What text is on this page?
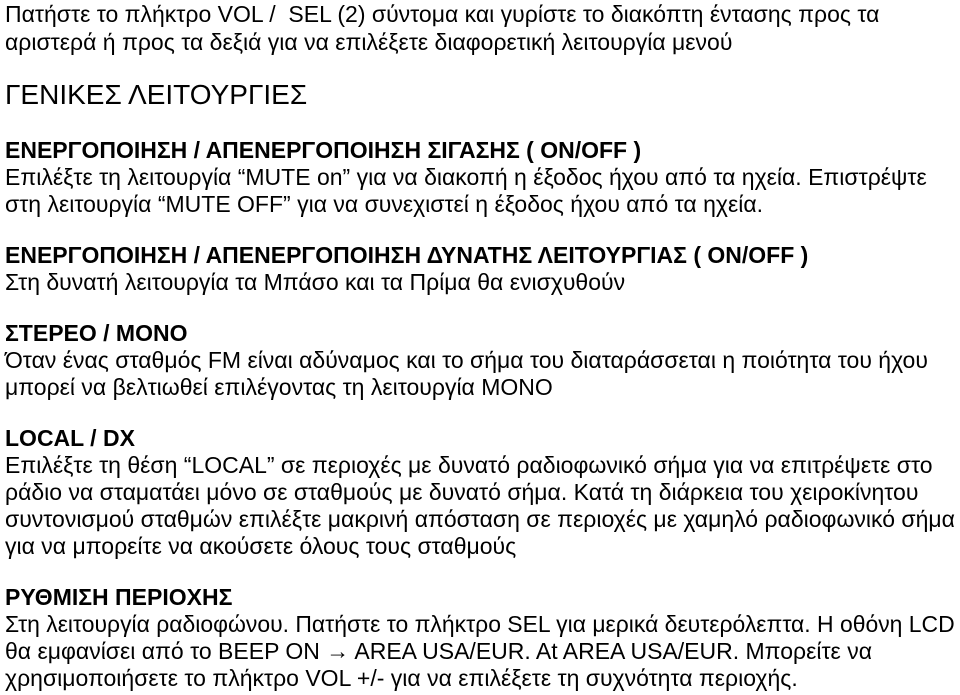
Πατήστε το πλήκτρο VOL /  SEL (2) σύντομα και γυρίστε το διακόπτη έντασης προς τα
αριστερά ή προς τα δεξιά για να επιλέξετε διαφορετική λειτουργία μενού
ΓΕΝΙΚΕΣ ΛΕΙΤΟΥΡΓΙΕΣ
ΕΝΕΡΓΟΠΟΙΗΣΗ / ΑΠΕΝΕΡΓΟΠΟΙΗΣΗ ΣΙΓΑΣΗΣ ( ON/OFF )
Επιλέξτε τη λειτουργία “MUTE on” για να διακοπή η έξοδος ήχου από τα ηχεία. Επιστρέψτε
στη λειτουργία “MUTE OFF” για να συνεχιστεί η έξοδος ήχου από τα ηχεία.
ΕΝΕΡΓΟΠΟΙΗΣΗ / ΑΠΕΝΕΡΓΟΠΟΙΗΣΗ ΔΥΝΑΤΗΣ ΛΕΙΤΟΥΡΓΙΑΣ ( ON/OFF )
Στη δυνατή λειτουργία τα Μπάσο και τα Πρίμα θα ενισχυθούν
ΣΤΕΡΕΟ / ΜΟΝΟ
Όταν ένας σταθμός FM είναι αδύναμος και το σήμα του διαταράσσεται η ποιότητα του ήχου
μπορεί να βελτιωθεί επιλέγοντας τη λειτουργία ΜΟΝΟ
LOCAL / DX
Επιλέξτε τη θέση “LOCAL” σε περιοχές με δυνατό ραδιοφωνικό σήμα για να επιτρέψετε στο
ράδιο να σταματάει μόνο σε σταθμούς με δυνατό σήμα. Κατά τη διάρκεια του χειροκίνητου
συντονισμού σταθμών επιλέξτε μακρινή απόσταση σε περιοχές με χαμηλό ραδιοφωνικό σήμα
για να μπορείτε να ακούσετε όλους τους σταθμούς
ΡΥΘΜΙΣΗ ΠΕΡΙΟΧΗΣ
Στη λειτουργία ραδιοφώνου. Πατήστε το πλήκτρο SEL για μερικά δευτερόλεπτα. Η οθόνη LCD
θα εμφανίσει από το BEEP ON → AREA USA/EUR. At AREA USA/EUR. Μπορείτε να
χρησιμοποιήσετε το πλήκτρο VOL +/- για να επιλέξετε τη συχνότητα περιοχής.
